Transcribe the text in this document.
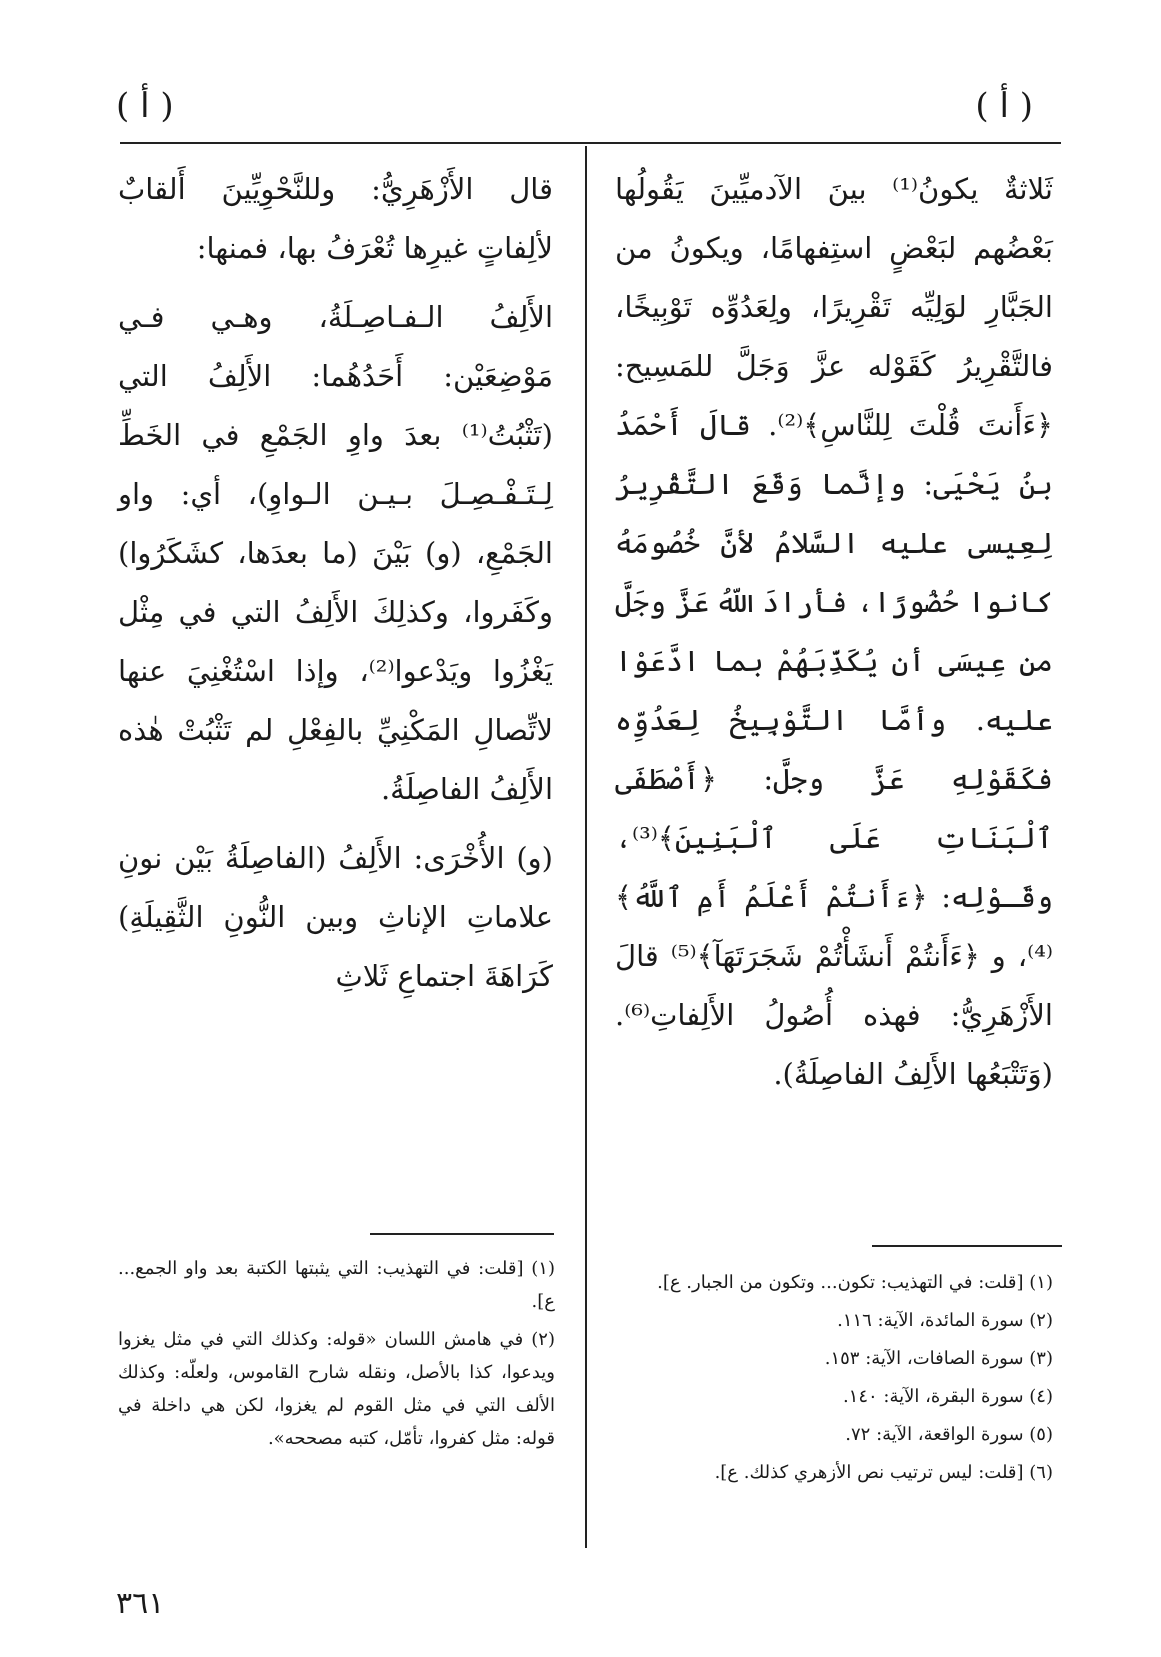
( أ )
( أ )

ثَلاثةٌ يكونُ⁽¹⁾ بينَ الآدميِّينَ يَقُولُها بَعْضُهم لبَعْضٍ استِفهامًا، ويكونُ من الجَبَّارِ لوَلِيِّه تَقْرِيرًا، ولِعَدُوِّه تَوْبِيخًا، فالتَّقْرِيرُ كَقَوْله عزَّ وَجَلَّ للمَسِيح: ﴿ءَأَنتَ قُلْتَ لِلنَّاسِ﴾⁽²⁾. قالَ أَحْمَدُ بنُ يَحْيَى: وإنَّما وَقَعَ التَّقْرِيرُ لِعِيسى عليه السَّلامُ لأنَّ خُصُومَهُ كانوا حُضُورًا، فأرادَ اللّهُ عَزَّ وجَلَّ من عِيسَى أن يُكَذِّبَهُمْ بما ادَّعَوْا عليه. وأمَّا التَّوْبِيخُ لِعَدُوِّه فكَقَوْلِهِ عَزَّ وجلَّ: ﴿أَصْطَفَى ٱلْبَنَاتِ عَلَى ٱلْبَنِينَ﴾⁽³⁾، وقَـوْلِه: ﴿ءَأَنتُمْ أَعْلَمُ أَمِ ٱللَّهُ﴾⁽⁴⁾، و ﴿ءَأَنتُمْ أَنشَأْتُمْ شَجَرَتَهَآ﴾⁽⁵⁾ قالَ الأَزْهَرِيُّ: فهذه أُصُولُ الأَلِفاتِ⁽⁶⁾. (وَتَتْبَعُها الأَلِفُ الفاصِلَةُ).

قال الأَزْهَرِيُّ: وللنَّحْوِيِّينَ أَلقابٌ لألِفاتٍ غيرِها تُعْرَفُ بها، فمنها:

الأَلِفُ الـفـاصِـلَةُ، وهـي فـي مَوْضِعَيْن: أَحَدُهُما: الأَلِفُ التي (تَثْبُتُ⁽¹⁾ بعدَ واوِ الجَمْعِ في الخَطِّ لِـتَـفْـصِـلَ بـيـن الـواوِ)، أي: واو الجَمْعِ، (و) بَيْنَ (ما بعدَها، كشَكَرُوا) وكَفَروا، وكذلِكَ الأَلِفُ التي في مِثْل يَغْزُوا ويَدْعوا⁽²⁾، وإذا اسْتُغْنِيَ عنها لاتِّصالِ المَكْنِيِّ بالفِعْلِ لم تَثْبُتْ هٰذه الأَلِفُ الفاصِلَةُ.

(و) الأُخْرَى: الأَلِفُ (الفاصِلَةُ بَيْن نونِ علاماتِ الإناثِ وبين النُّونِ الثَّقِيلَةِ) كَرَاهَةَ اجتماعِ ثَلاثِ

(١) [قلت: في التهذيب: تكون... وتكون من الجبار. ع].
(٢) سورة المائدة، الآية: ١١٦.
(٣) سورة الصافات، الآية: ١٥٣.
(٤) سورة البقرة، الآية: ١٤٠.
(٥) سورة الواقعة، الآية: ٧٢.
(٦) [قلت: ليس ترتيب نص الأزهري كذلك. ع].
(١) [قلت: في التهذيب: التي يثبتها الكتبة بعد واو الجمع... ع].
(٢) في هامش اللسان «قوله: وكذلك التي في مثل يغزوا ويدعوا، كذا بالأصل، ونقله شارح القاموس، ولعلّه: وكذلك الألف التي في مثل القوم لم يغزوا، لكن هي داخلة في قوله: مثل كفروا، تأمّل، كتبه مصححه».
٣٦١
